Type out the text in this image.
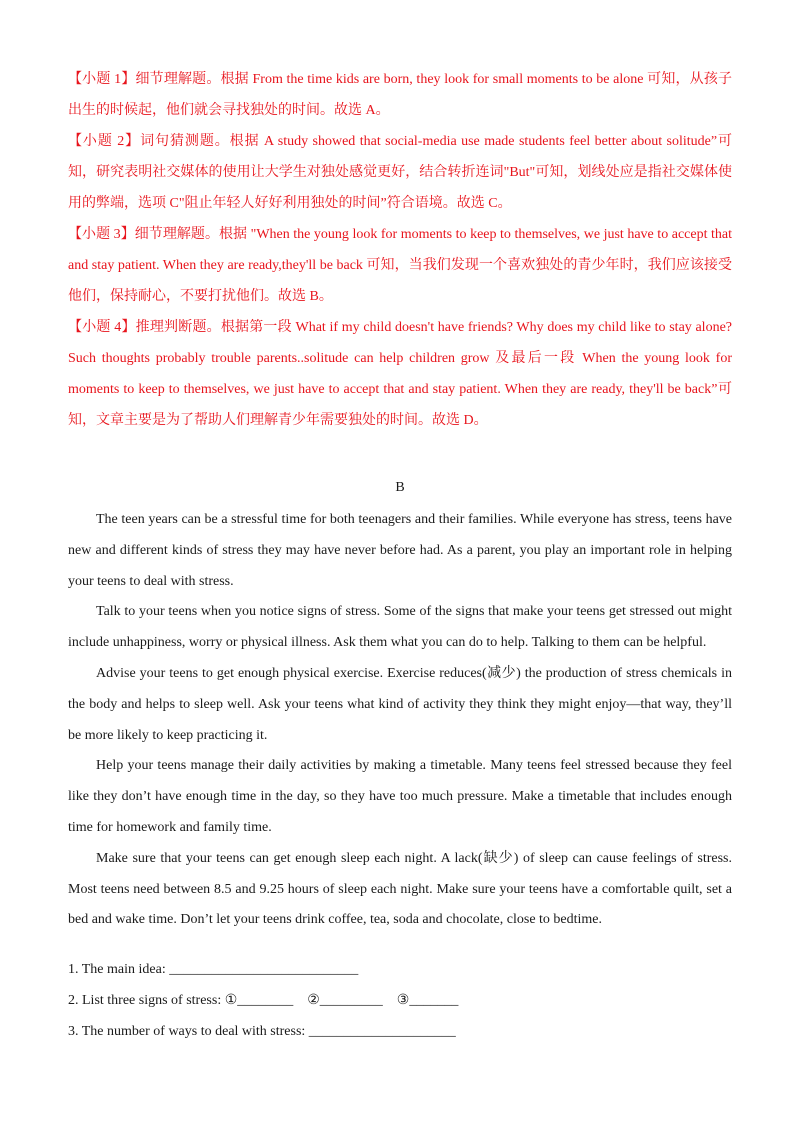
【小题 1】细节理解题。根据 From the time kids are born, they look for small moments to be alone 可知，从孩子出生的时候起，他们就会寻找独处的时间。故选 A。

【小题 2】词句猜测题。根据 A study showed that social-media use made students feel better about solitude”可知，研究表明社交媒体的使用让大学生对独处感觉更好，结合转折连词"But"可知，划线处应是指社交媒体使用的弊端，选项 C"阻止年轻人好好利用独处的时间”符合语境。故选 C。

【小题 3】细节理解题。根据 "When the young look for moments to keep to themselves, we just have to accept that and stay patient. When they are ready,they'll be back 可知，当我们发现一个喜欢独处的青少年时，我们应该接受他们，保持耐心，不要打扰他们。故选 B。

【小题 4】推理判断题。根据第一段 What if my child doesn't have friends? Why does my child like to stay alone? Such thoughts probably trouble parents..solitude can help children grow 及最后一段 When the young look for moments to keep to themselves, we just have to accept that and stay patient. When they are ready, they'll be back”可知，文章主要是为了帮助人们理解青少年需要独处的时间。故选 D。

B

The teen years can be a stressful time for both teenagers and their families. While everyone has stress, teens have new and different kinds of stress they may have never before had. As a parent, you play an important role in helping your teens to deal with stress.

Talk to your teens when you notice signs of stress. Some of the signs that make your teens get stressed out might include unhappiness, worry or physical illness. Ask them what you can do to help. Talking to them can be helpful.

Advise your teens to get enough physical exercise. Exercise reduces(减少) the production of stress chemicals in the body and helps to sleep well. Ask your teens what kind of activity they think they might enjoy—that way, they’ll be more likely to keep practicing it.

Help your teens manage their daily activities by making a timetable. Many teens feel stressed because they feel like they don’t have enough time in the day, so they have too much pressure. Make a timetable that includes enough time for homework and family time.

Make sure that your teens can get enough sleep each night. A lack(缺少) of sleep can cause feelings of stress. Most teens need between 8.5 and 9.25 hours of sleep each night. Make sure your teens have a comfortable quilt, set a bed and wake time. Don’t let your teens drink coffee, tea, soda and chocolate, close to bedtime.

1. The main idea: ___________________________

2. List three signs of stress: ①________    ②_________    ③_______

3. The number of ways to deal with stress: _____________________
